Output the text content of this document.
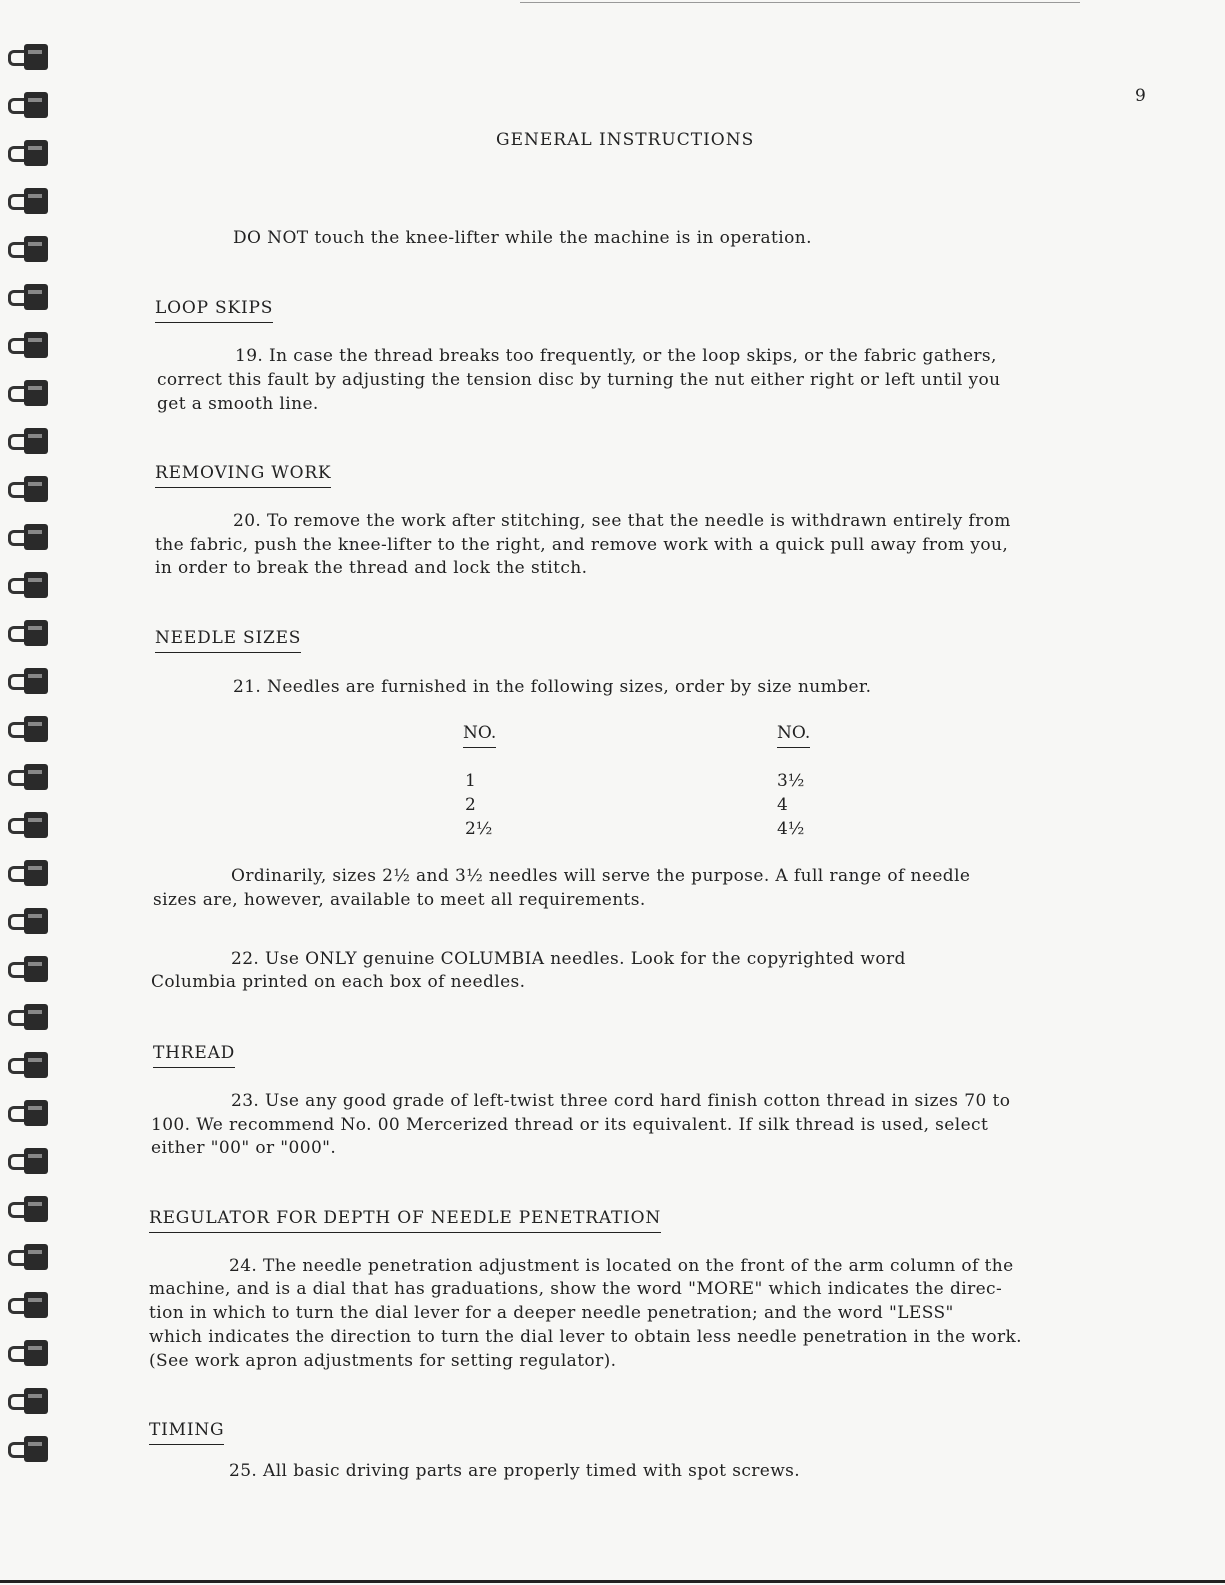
9
GENERAL INSTRUCTIONS
DO NOT touch the knee-lifter while the machine is in operation.
LOOP SKIPS
19. In case the thread breaks too frequently, or the loop skips, or the fabric gathers,
correct this fault by adjusting the tension disc by turning the nut either right or left until you
get a smooth line.
REMOVING WORK
20. To remove the work after stitching, see that the needle is withdrawn entirely from
the fabric, push the knee-lifter to the right, and remove work with a quick pull away from you,
in order to break the thread and lock the stitch.
NEEDLE SIZES
21. Needles are furnished in the following sizes, order by size number.
NO.	NO.
1
2
2½
3½
4
4½
Ordinarily, sizes 2½ and 3½ needles will serve the purpose. A full range of needle
sizes are, however, available to meet all requirements.
22. Use ONLY genuine COLUMBIA needles. Look for the copyrighted word
Columbia printed on each box of needles.
THREAD
23. Use any good grade of left-twist three cord hard finish cotton thread in sizes 70 to
100. We recommend No. 00 Mercerized thread or its equivalent. If silk thread is used, select
either "00" or "000".
REGULATOR FOR DEPTH OF NEEDLE PENETRATION
24. The needle penetration adjustment is located on the front of the arm column of the
machine, and is a dial that has graduations, show the word "MORE" which indicates the direc-
tion in which to turn the dial lever for a deeper needle penetration; and the word "LESS"
which indicates the direction to turn the dial lever to obtain less needle penetration in the work.
(See work apron adjustments for setting regulator).
TIMING
25. All basic driving parts are properly timed with spot screws.
